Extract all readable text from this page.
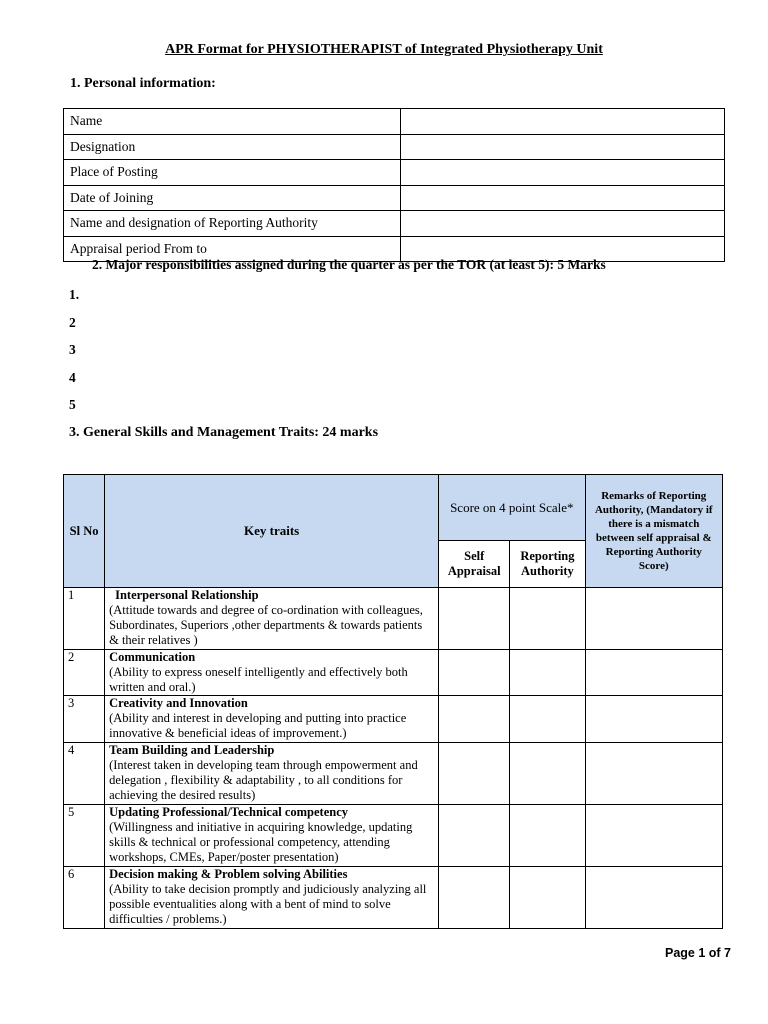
APR Format for PHYSIOTHERAPIST of Integrated Physiotherapy Unit
1. Personal information:
Name	
Designation	
Place of Posting	
Date of Joining	
Name and designation of Reporting Authority	
Appraisal period From to	
2. Major responsibilities assigned during the quarter as per the TOR (at least 5): 5 Marks
1.
2
3
4
5
3. General Skills and Management Traits: 24 marks
Sl No	Key traits	Score on 4 point Scale*		Remarks of Reporting Authority, (Mandatory if there is a mismatch between self appraisal & Reporting Authority Score)
		Self Appraisal	Reporting Authority	
1	Interpersonal Relationship
(Attitude towards and degree of co-ordination with colleagues, Subordinates, Superiors ,other departments & towards patients & their relatives )			

2	Communication
(Ability to express oneself intelligently and effectively both written and oral.)			

3	Creativity and Innovation
(Ability and interest in developing and putting into practice innovative & beneficial ideas of improvement.)			

4	Team Building and Leadership
(Interest taken in developing team through empowerment and delegation , flexibility & adaptability , to all conditions for achieving the desired results)			

5	Updating Professional/Technical competency
(Willingness and initiative in acquiring knowledge, updating skills & technical or professional competency, attending workshops, CMEs, Paper/poster presentation)			

6	Decision making & Problem solving Abilities
(Ability to take decision promptly and judiciously analyzing all possible eventualities along with a bent of mind to solve difficulties / problems.)			

Page 1 of 7
